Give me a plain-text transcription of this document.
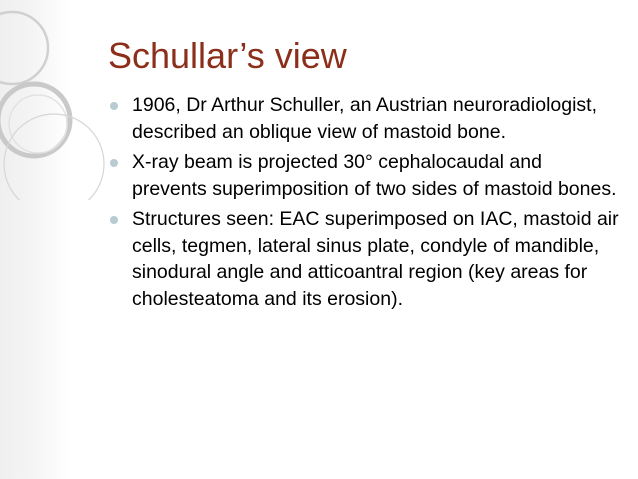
Schullar’s view
1906, Dr Arthur Schuller, an Austrian neuroradiologist, described an oblique view of mastoid bone.
X-ray beam is projected 30° cephalocaudal and prevents superimposition of two sides of mastoid bones.
Structures seen: EAC superimposed on IAC, mastoid air cells, tegmen, lateral sinus plate, condyle of mandible, sinodural angle and atticoantral region (key areas for cholesteatoma and its erosion).
